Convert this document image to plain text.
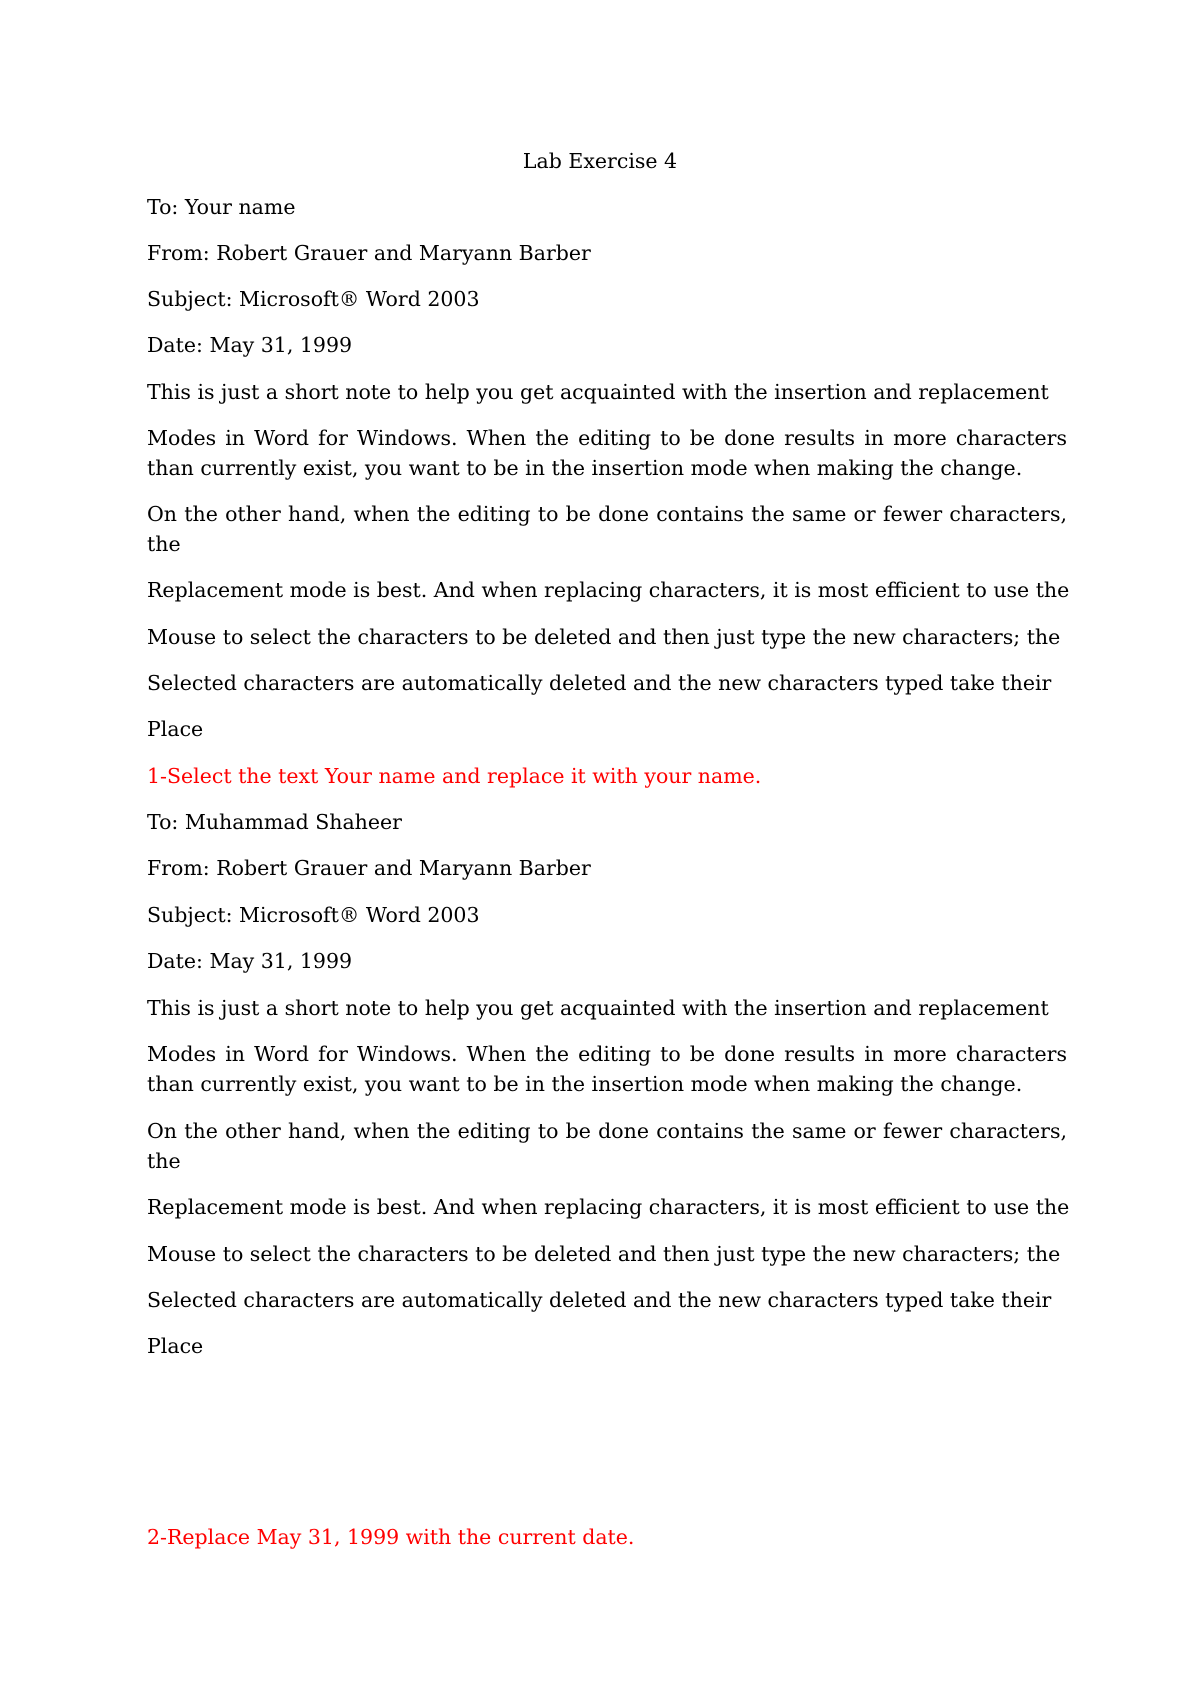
Lab Exercise 4
To: Your name
From: Robert Grauer and Maryann Barber
Subject: Microsoft® Word 2003
Date: May 31, 1999
This is just a short note to help you get acquainted with the insertion and replacement
Modes in Word for Windows. When the editing to be done results in more characters than currently exist, you want to be in the insertion mode when making the change.
On the other hand, when the editing to be done contains the same or fewer characters, the
Replacement mode is best. And when replacing characters, it is most efficient to use the
Mouse to select the characters to be deleted and then just type the new characters; the
Selected characters are automatically deleted and the new characters typed take their
Place
1-Select the text Your name and replace it with your name.
To: Muhammad Shaheer
From: Robert Grauer and Maryann Barber
Subject: Microsoft® Word 2003
Date: May 31, 1999
This is just a short note to help you get acquainted with the insertion and replacement
Modes in Word for Windows. When the editing to be done results in more characters than currently exist, you want to be in the insertion mode when making the change.
On the other hand, when the editing to be done contains the same or fewer characters, the
Replacement mode is best. And when replacing characters, it is most efficient to use the
Mouse to select the characters to be deleted and then just type the new characters; the
Selected characters are automatically deleted and the new characters typed take their
Place
2-Replace May 31, 1999 with the current date.
